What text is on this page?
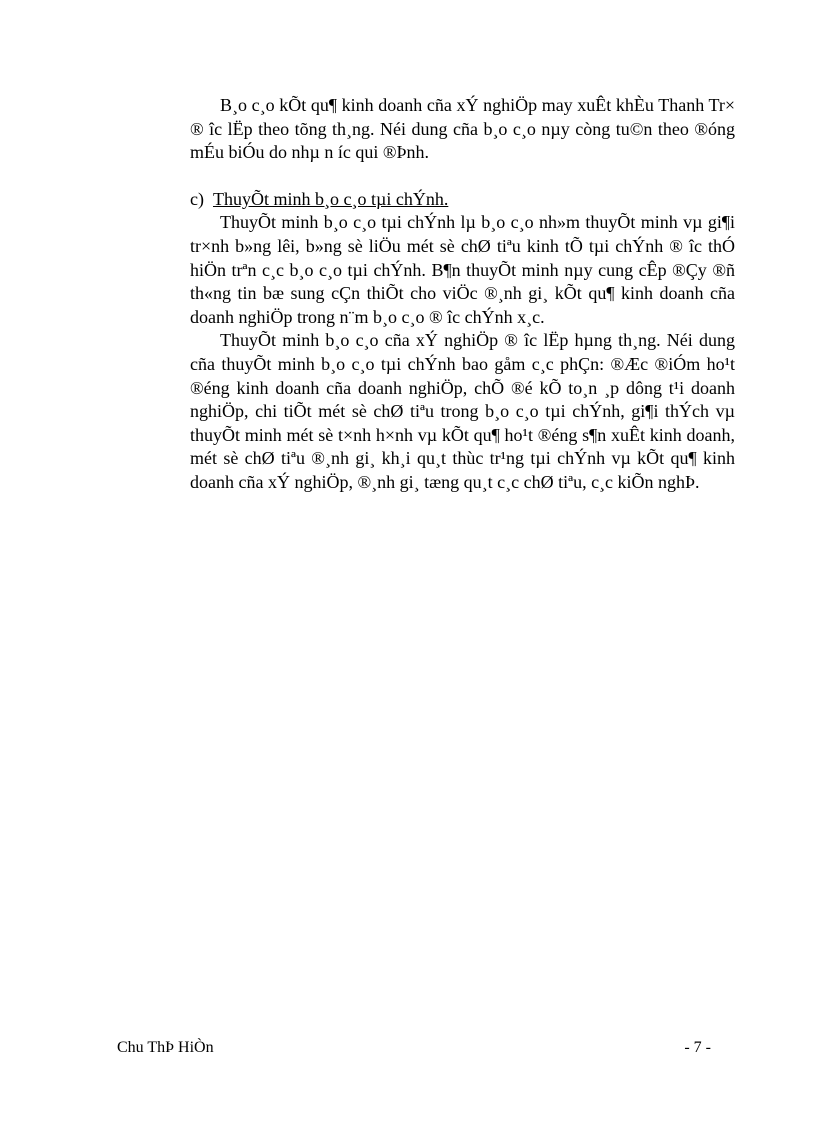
B¸o c¸o kÕt qu¶ kinh doanh cña xÝ nghiÖp may xuÊt khÈu Thanh Tr× ® îc lËp theo tõng th¸ng. Néi dung cña b¸o c¸o nµy còng tu©n theo ®óng mÉu biÓu do nhµ n íc qui ®Þnh.

c) ThuyÕt minh b¸o c¸o tµi chÝnh.

ThuyÕt minh b¸o c¸o tµi chÝnh lµ b¸o c¸o nh»m thuyÕt minh vµ gi¶i tr×nh b»ng lêi, b»ng sè liÖu mét sè chØ tiªu kinh tÕ tµi chÝnh ® îc thÓ hiÖn trªn c¸c b¸o c¸o tµi chÝnh. B¶n thuyÕt minh nµy cung cÊp ®Çy ®ñ th«ng tin bæ sung cÇn thiÕt cho viÖc ®¸nh gi¸ kÕt qu¶ kinh doanh cña doanh nghiÖp trong n¨m b¸o c¸o ® îc chÝnh x¸c.

ThuyÕt minh b¸o c¸o cña xÝ nghiÖp ® îc lËp hµng th¸ng. Néi dung cña thuyÕt minh b¸o c¸o tµi chÝnh bao gåm c¸c phÇn: ®Æc ®iÓm ho¹t ®éng kinh doanh cña doanh nghiÖp, chÕ ®é kÕ to¸n ¸p dông t¹i doanh nghiÖp, chi tiÕt mét sè chØ tiªu trong b¸o c¸o tµi chÝnh, gi¶i thÝch vµ thuyÕt minh mét sè t×nh h×nh vµ kÕt qu¶ ho¹t ®éng s¶n xuÊt kinh doanh, mét sè chØ tiªu ®¸nh gi¸ kh¸i qu¸t thùc tr¹ng tµi chÝnh vµ kÕt qu¶ kinh doanh cña xÝ nghiÖp, ®¸nh gi¸ tæng qu¸t c¸c chØ tiªu, c¸c kiÕn nghÞ.

Chu ThÞ HiÒn	- 7 -
